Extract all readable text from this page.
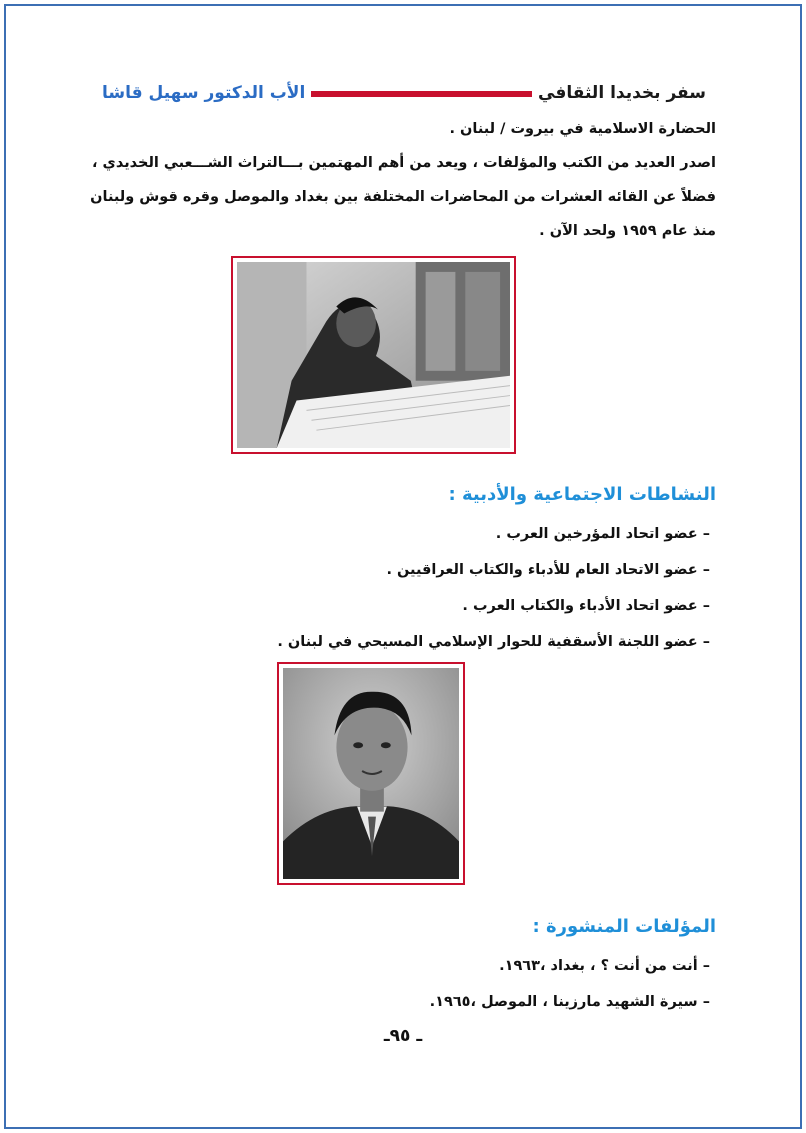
سفر بخديدا الثقافي
الأب الدكتور سهيل قاشا

الحضارة الاسلامية في بيروت / لبنان .

اصدر العديد من الكتب والمؤلفات ، ويعد من أهم المهتمين بـــالتراث الشـــعبي الخديدي ،

فضلاً عن القائه العشرات من المحاضرات المختلفة بين بغداد والموصل وقره قوش ولبنان

منذ عام ١٩٥٩ ولحد الآن .

النشاطات الاجتماعية والأدبية :
– عضو اتحاد المؤرخين العرب .
– عضو الاتحاد العام للأدباء والكتاب العراقيين .
– عضو اتحاد الأدباء والكتاب العرب .
– عضو اللجنة الأسقفية للحوار الإسلامي المسيحي في لبنان .
المؤلفات المنشورة :
– أنت من أنت ؟ ، بغداد ،١٩٦٣.
– سيرة الشهيد مارزينا ، الموصل ،١٩٦٥.
ـ ٩٥ـ
